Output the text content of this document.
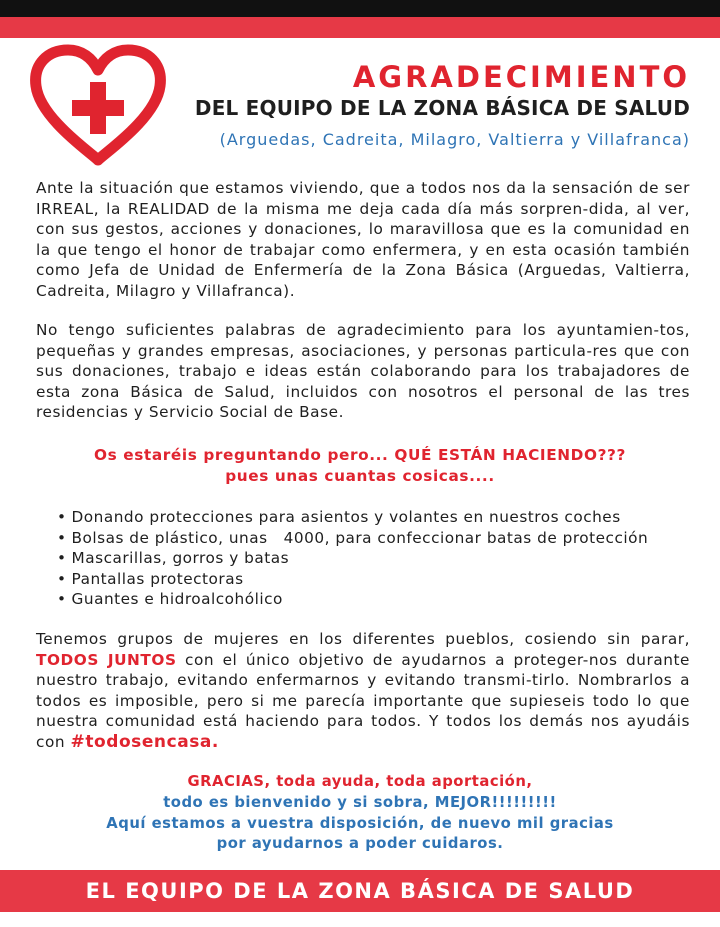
AGRADECIMIENTO
DEL EQUIPO DE LA ZONA BÁSICA DE SALUD
(Arguedas, Cadreita, Milagro, Valtierra y Villafranca)

Ante la situación que estamos viviendo, que a todos nos da la sensación de ser IRREAL, la REALIDAD de la misma me deja cada día más sorpren-dida, al ver, con sus gestos, acciones y donaciones, lo maravillosa que es la comunidad en la que tengo el honor de trabajar como enfermera, y en esta ocasión también como Jefa de Unidad de Enfermería de la Zona Básica (Arguedas, Valtierra, Cadreita, Milagro y Villafranca).

No tengo suficientes palabras de agradecimiento para los ayuntamien-tos, pequeñas y grandes empresas, asociaciones, y personas particula-res que con sus donaciones, trabajo e ideas están colaborando para los trabajadores de esta zona Básica de Salud, incluidos con nosotros el personal de las tres residencias y Servicio Social de Base.

Os estaréis preguntando pero... QUÉ ESTÁN HACIENDO???
pues unas cuantas cosicas....
• Donando protecciones para asientos y volantes en nuestros coches
• Bolsas de plástico, unas   4000, para confeccionar batas de protección
• Mascarillas, gorros y batas
• Pantallas protectoras
• Guantes e hidroalcohólico

Tenemos grupos de mujeres en los diferentes pueblos, cosiendo sin parar, TODOS JUNTOS con el único objetivo de ayudarnos a proteger-nos durante nuestro trabajo, evitando enfermarnos y evitando transmi-tirlo. Nombrarlos a todos es imposible, pero si me parecía importante que supieseis todo lo que nuestra comunidad está haciendo para todos. Y todos los demás nos ayudáis con #todosencasa.

GRACIAS, toda ayuda, toda aportación,
todo es bienvenido y si sobra, MEJOR!!!!!!!!!
Aquí estamos a vuestra disposición, de nuevo mil gracias
por ayudarnos a poder cuidaros.
EL EQUIPO DE LA ZONA BÁSICA DE SALUD
